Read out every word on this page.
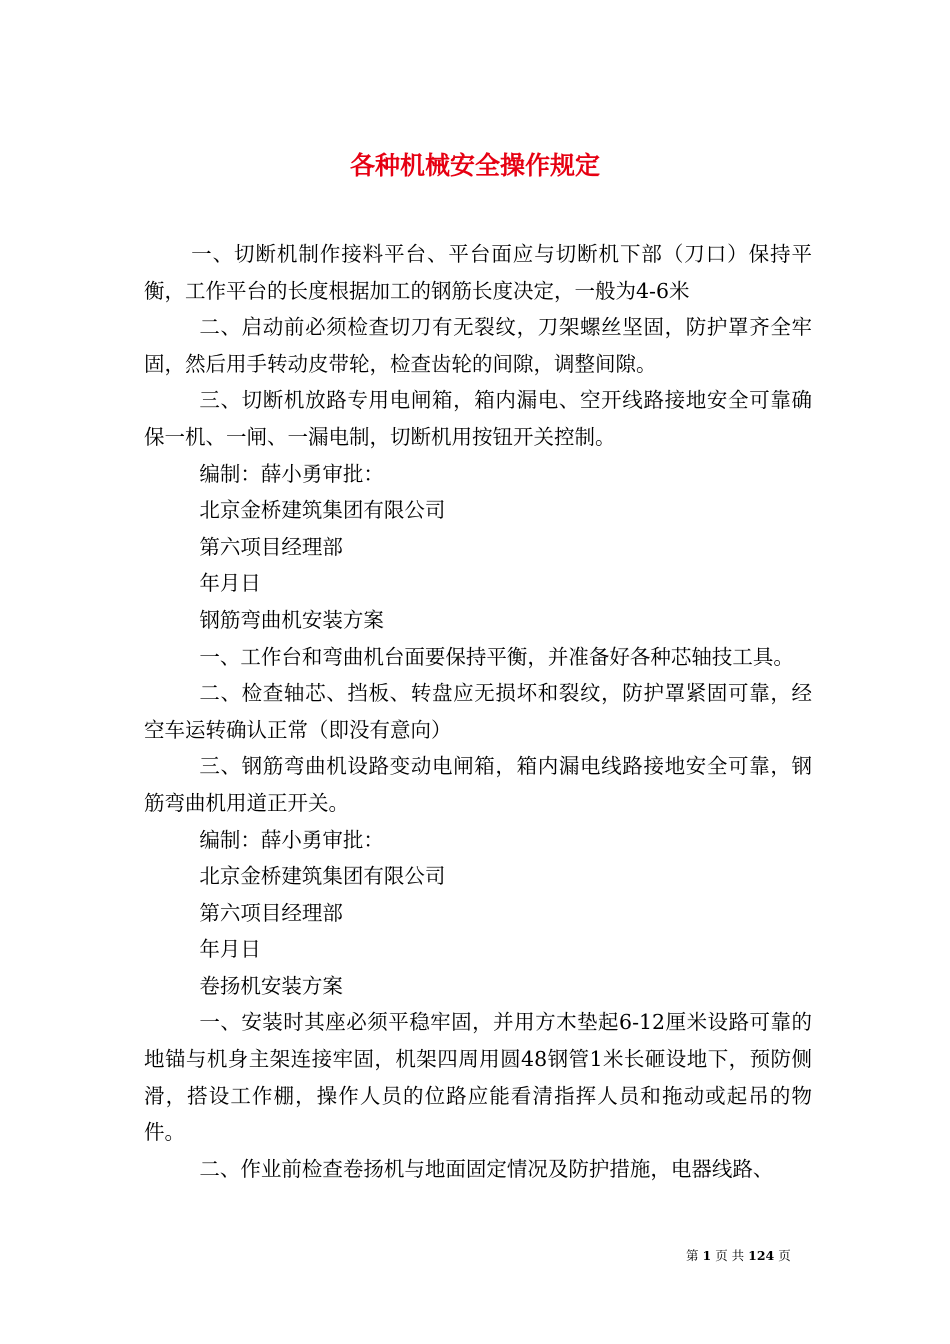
各种机械安全操作规定

一、切断机制作接料平台、平台面应与切断机下部（刀口）保持平衡，工作平台的长度根据加工的钢筋长度决定，一般为4-6米

二、启动前必须检查切刀有无裂纹，刀架螺丝坚固，防护罩齐全牢固，然后用手转动皮带轮，检查齿轮的间隙，调整间隙。

三、切断机放路专用电闸箱，箱内漏电、空开线路接地安全可靠确保一机、一闸、一漏电制，切断机用按钮开关控制。

编制：薛小勇审批：

北京金桥建筑集团有限公司

第六项目经理部

年月日

钢筋弯曲机安装方案

一、工作台和弯曲机台面要保持平衡，并准备好各种芯轴技工具。

二、检查轴芯、挡板、转盘应无损坏和裂纹，防护罩紧固可靠，经空车运转确认正常（即没有意向）

三、钢筋弯曲机设路变动电闸箱，箱内漏电线路接地安全可靠，钢筋弯曲机用道正开关。

编制：薛小勇审批：

北京金桥建筑集团有限公司

第六项目经理部

年月日

卷扬机安装方案

一、安装时其座必须平稳牢固，并用方木垫起6-12厘米设路可靠的地锚与机身主架连接牢固，机架四周用圆48钢管1米长砸设地下，预防侧滑，搭设工作棚，操作人员的位路应能看清指挥人员和拖动或起吊的物件。

二、作业前检查卷扬机与地面固定情况及防护措施，电器线路、

第 1 页 共 124 页
